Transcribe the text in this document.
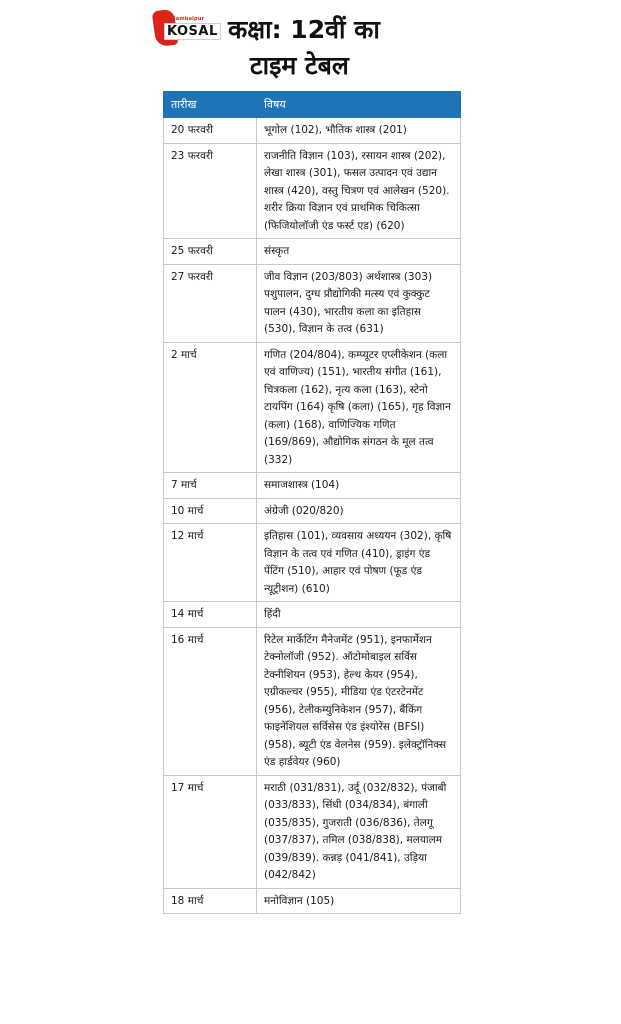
Sambalpur
KOSAL कक्षा: 12वीं का
टाइम टेबल
तारीख	विषय
20 फरवरी	भूगोल (102), भौतिक शास्त्र (201)
23 फरवरी	राजनीति विज्ञान (103), रसायन शास्त्र (202), लेखा शास्त्र (301), फसल उत्पादन एवं उद्यान शास्त्र (420), वस्तु चित्रण एवं आलेखन (520). शरीर क्रिया विज्ञान एवं प्राथमिक चिकित्सा (फिजियोलॉजी एंड फर्स्ट एड) (620)
25 फरवरी	संस्कृत
27 फरवरी	जीव विज्ञान (203/803) अर्थशास्त्र (303) पशुपालन, दुग्ध प्रौद्योगिकी मत्स्य एवं कुक्कुट पालन (430), भारतीय कला का इतिहास (530), विज्ञान के तत्व (631)
2 मार्च	गणित (204/804), कम्प्यूटर एप्लीकेशन (कला एवं वाणिज्य) (151), भारतीय संगीत (161), चित्रकला (162), नृत्य कला (163), स्टेनो टायपिंग (164) कृषि (कला) (165), गृह विज्ञान (कला) (168), वाणिज्यिक गणित (169/869), औद्योगिक संगठन के मूल तत्व (332)
7 मार्च	समाजशास्त्र (104)
10 मार्च	अंग्रेजी (020/820)
12 मार्च	इतिहास (101), व्यवसाय अध्ययन (302), कृषि विज्ञान के तत्व एवं गणित (410), ड्राइंग एंड पेंटिंग (510), आहार एवं पोषण (फूड एंड न्यूट्रीशन) (610)
14 मार्च	हिंदी
16 मार्च	रिटेल मार्केटिंग मैनेजमेंट (951), इनफार्मेशन टेक्नोलॉजी (952). ऑटोमोबाइल सर्विस टेक्नीशियन (953), हेल्थ केयर (954), एग्रीकल्चर (955), मीडिया एंड एंटरटेनमेंट (956), टेलीकम्युनिकेशन (957), बैंकिंग फाइनेंशियल सर्विसेस एंड इंश्योरेंस (BFSI) (958), ब्यूटी एंड वेलनेस (959). इलेक्ट्रॉनिक्स एंड हार्डवेयर (960)
17 मार्च	मराठी (031/831), उर्दू (032/832), पंजाबी (033/833), सिंधी (034/834), बंगाली (035/835), गुजराती (036/836), तेलगू (037/837), तमिल (038/838), मलयालम (039/839). कन्नड़ (041/841), उड़िया (042/842)
18 मार्च	मनोविज्ञान (105)
